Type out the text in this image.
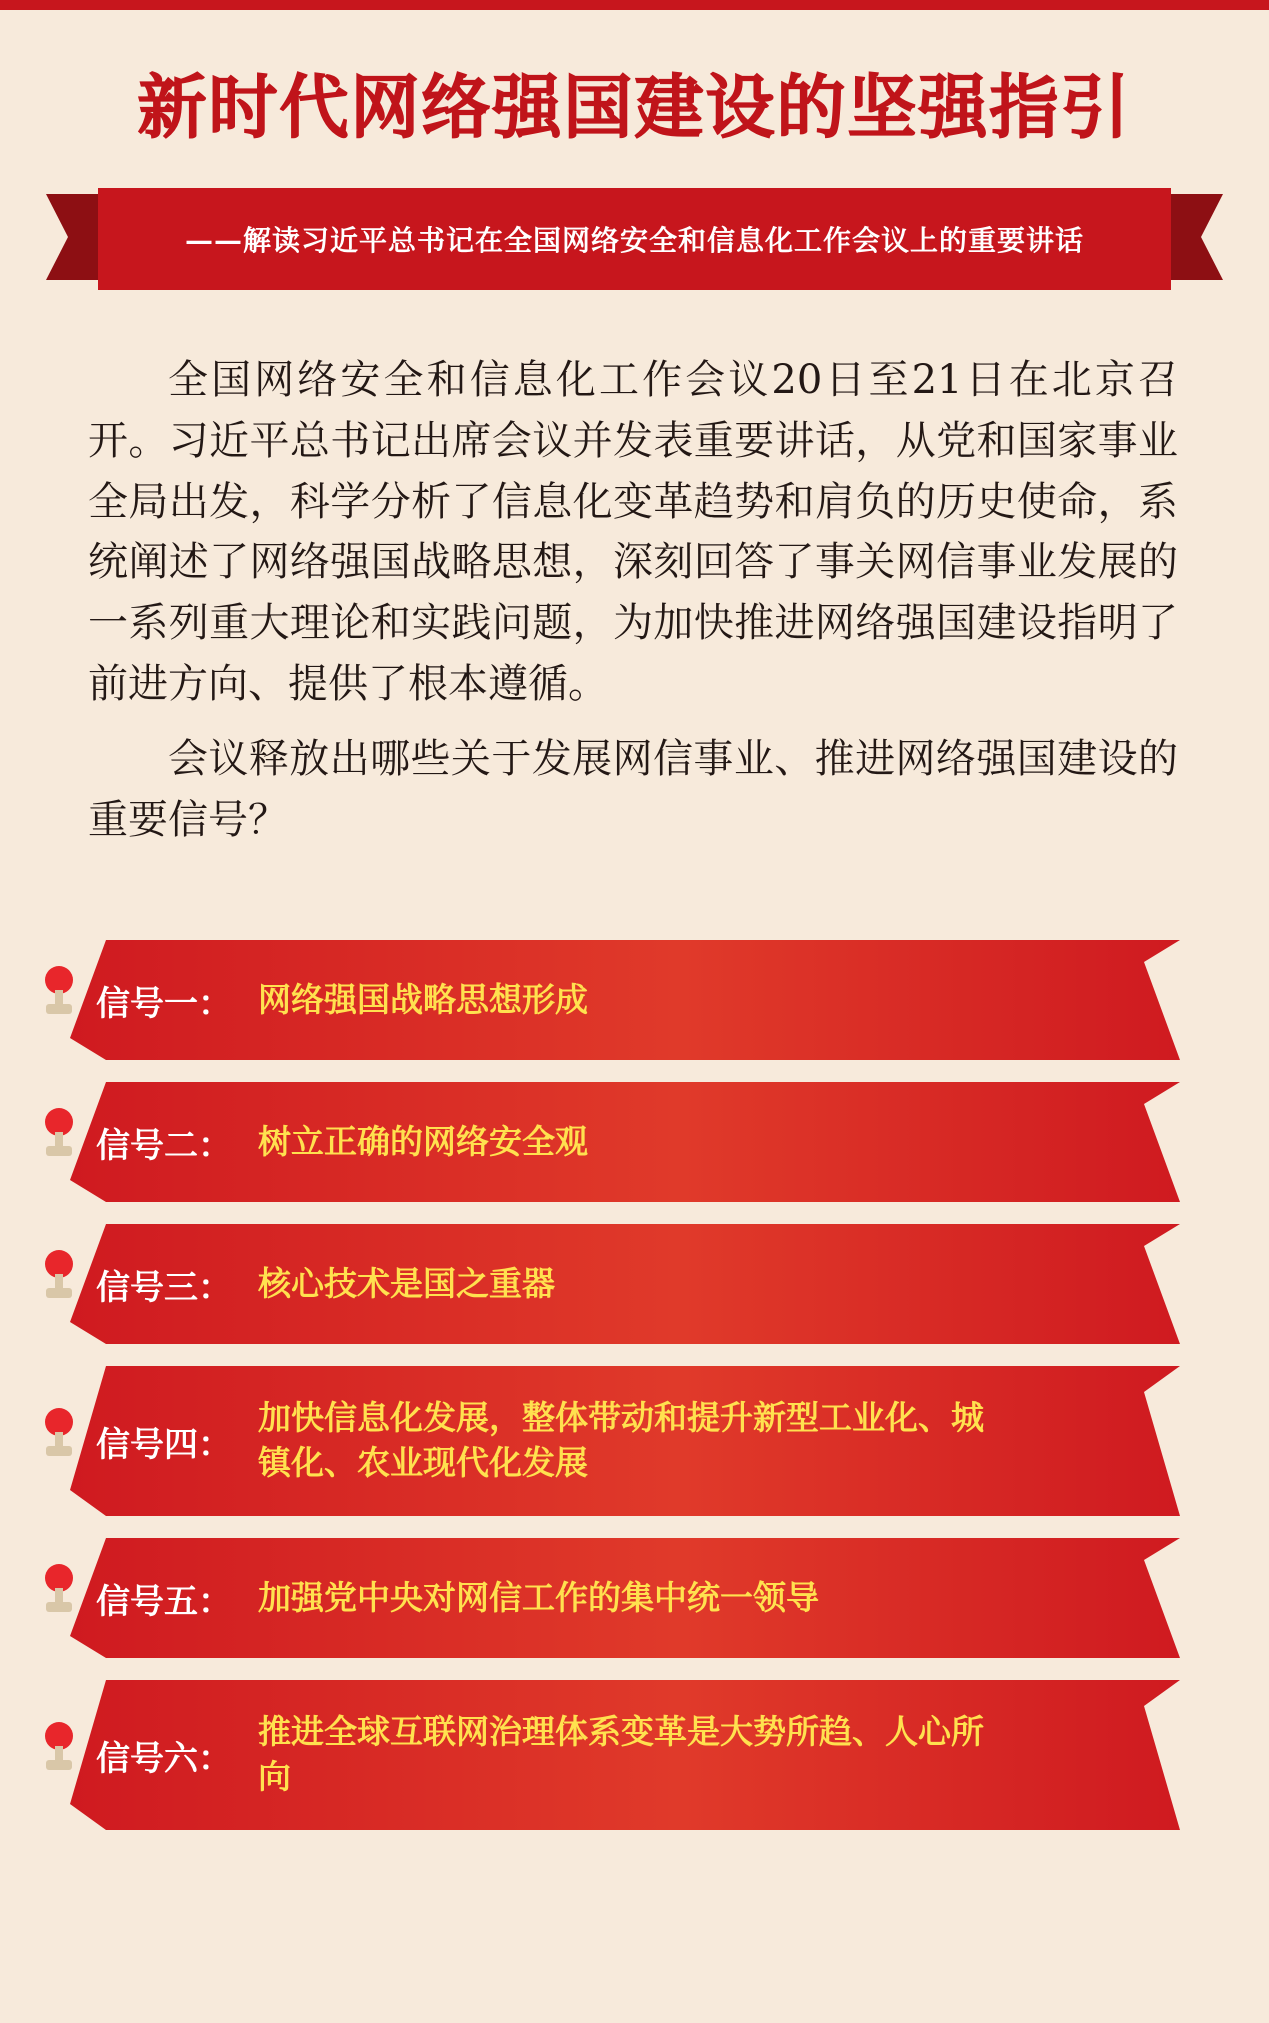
新时代网络强国建设的坚强指引
——解读习近平总书记在全国网络安全和信息化工作会议上的重要讲话

全国网络安全和信息化工作会议20日至21日在北京召开。习近平总书记出席会议并发表重要讲话，从党和国家事业全局出发，科学分析了信息化变革趋势和肩负的历史使命，系统阐述了网络强国战略思想，深刻回答了事关网信事业发展的一系列重大理论和实践问题，为加快推进网络强国建设指明了前进方向、提供了根本遵循。

会议释放出哪些关于发展网信事业、推进网络强国建设的重要信号？

信号一： 网络强国战略思想形成
信号二： 树立正确的网络安全观
信号三： 核心技术是国之重器
信号四：
加快信息化发展，整体带动和提升新型工业化、城镇化、农业现代化发展
信号五： 加强党中央对网信工作的集中统一领导
信号六：
推进全球互联网治理体系变革是大势所趋、人心所向
